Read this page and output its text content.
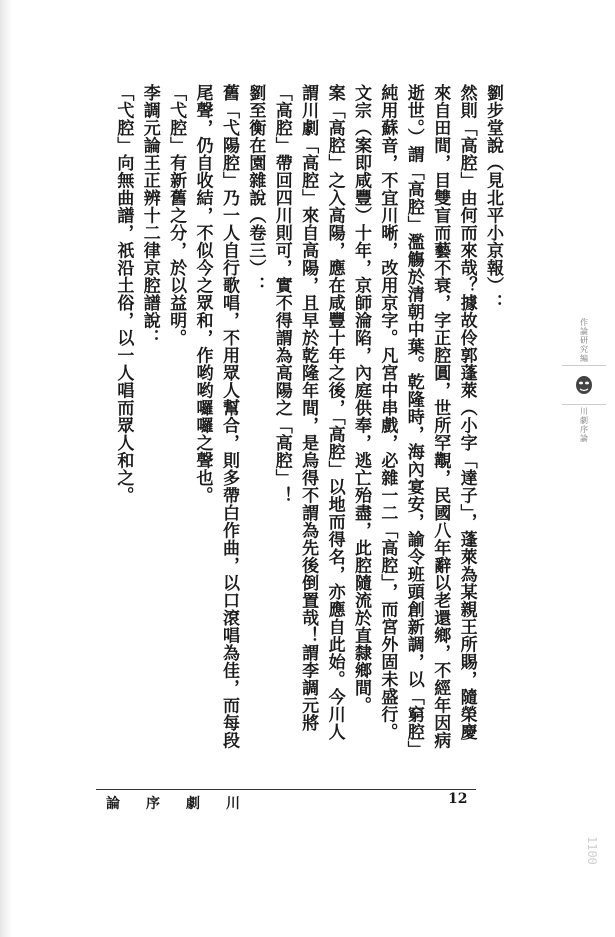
劉步堂說（見北平小京報）：

然則「高腔」由何而來哉？據故伶郭蓬萊（小字「達子」，蓬萊為某親王所賜，隨榮慶來自田間，目雙盲而藝不衰，字正腔圓，世所罕覯，民國八年辭以老還鄉，不經年因病逝世。）謂「高腔」濫觴於清朝中葉。乾隆時，海內宴安，諭令班頭創新調，以「窮腔」純用蘇音，不宜川晰，改用京字。凡宮中串戲，必雜一二「高腔」，而宮外固未盛行。文宗（案即咸豐）十年，京師淪陷，內庭供奉，逃亡殆盡，此腔隨流於直隸鄉間。

案「高腔」之入高陽，應在咸豐十年之後，「高腔」以地而得名，亦應自此始。今川人謂川劇「高腔」來自高陽，且早於乾隆年間，是烏得不謂為先後倒置哉！謂李調元將「高腔」帶回四川則可，實不得謂為高陽之「高腔」！

劉至衡在園雜說（卷三）：

舊「弋陽腔」乃一人自行歌唱，不用眾人幫合，則多帶白作曲，以口滾唱為佳，而每段尾聲，仍自收結，不似今之眾和，作哟哟囉囉之聲也。

「弋腔」有新舊之分，於以益明。

李調元論王正辨十二律京腔譜說：

「弋腔」向無曲譜，祇沿土俗，以一人唱而眾人和之。

川
劇
序
論	12
作論研究編
川劇序論
1100
